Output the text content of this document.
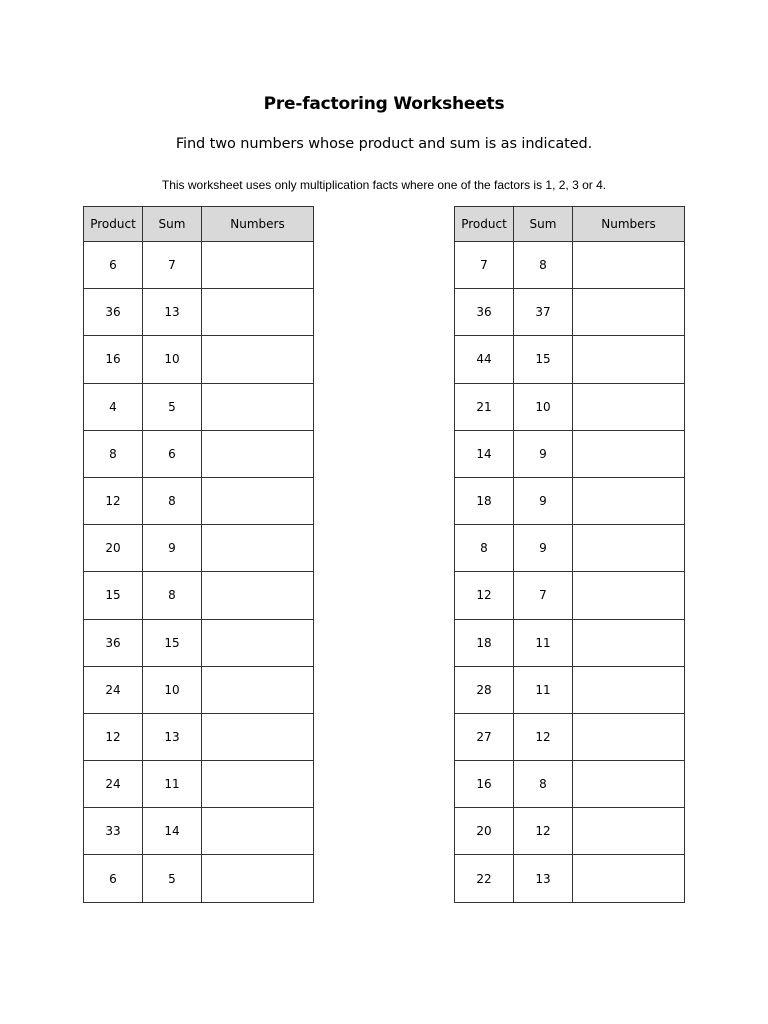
Pre-factoring Worksheets
Find two numbers whose product and sum is as indicated.
This worksheet uses only multiplication facts where one of the factors is 1, 2, 3 or 4.
Product	Sum	Numbers
6	7	
36	13	
16	10	
4	5	
8	6	
12	8	
20	9	
15	8	
36	15	
24	10	
12	13	
24	11	
33	14	
6	5	
Product	Sum	Numbers
7	8	
36	37	
44	15	
21	10	
14	9	
18	9	
8	9	
12	7	
18	11	
28	11	
27	12	
16	8	
20	12	
22	13	
